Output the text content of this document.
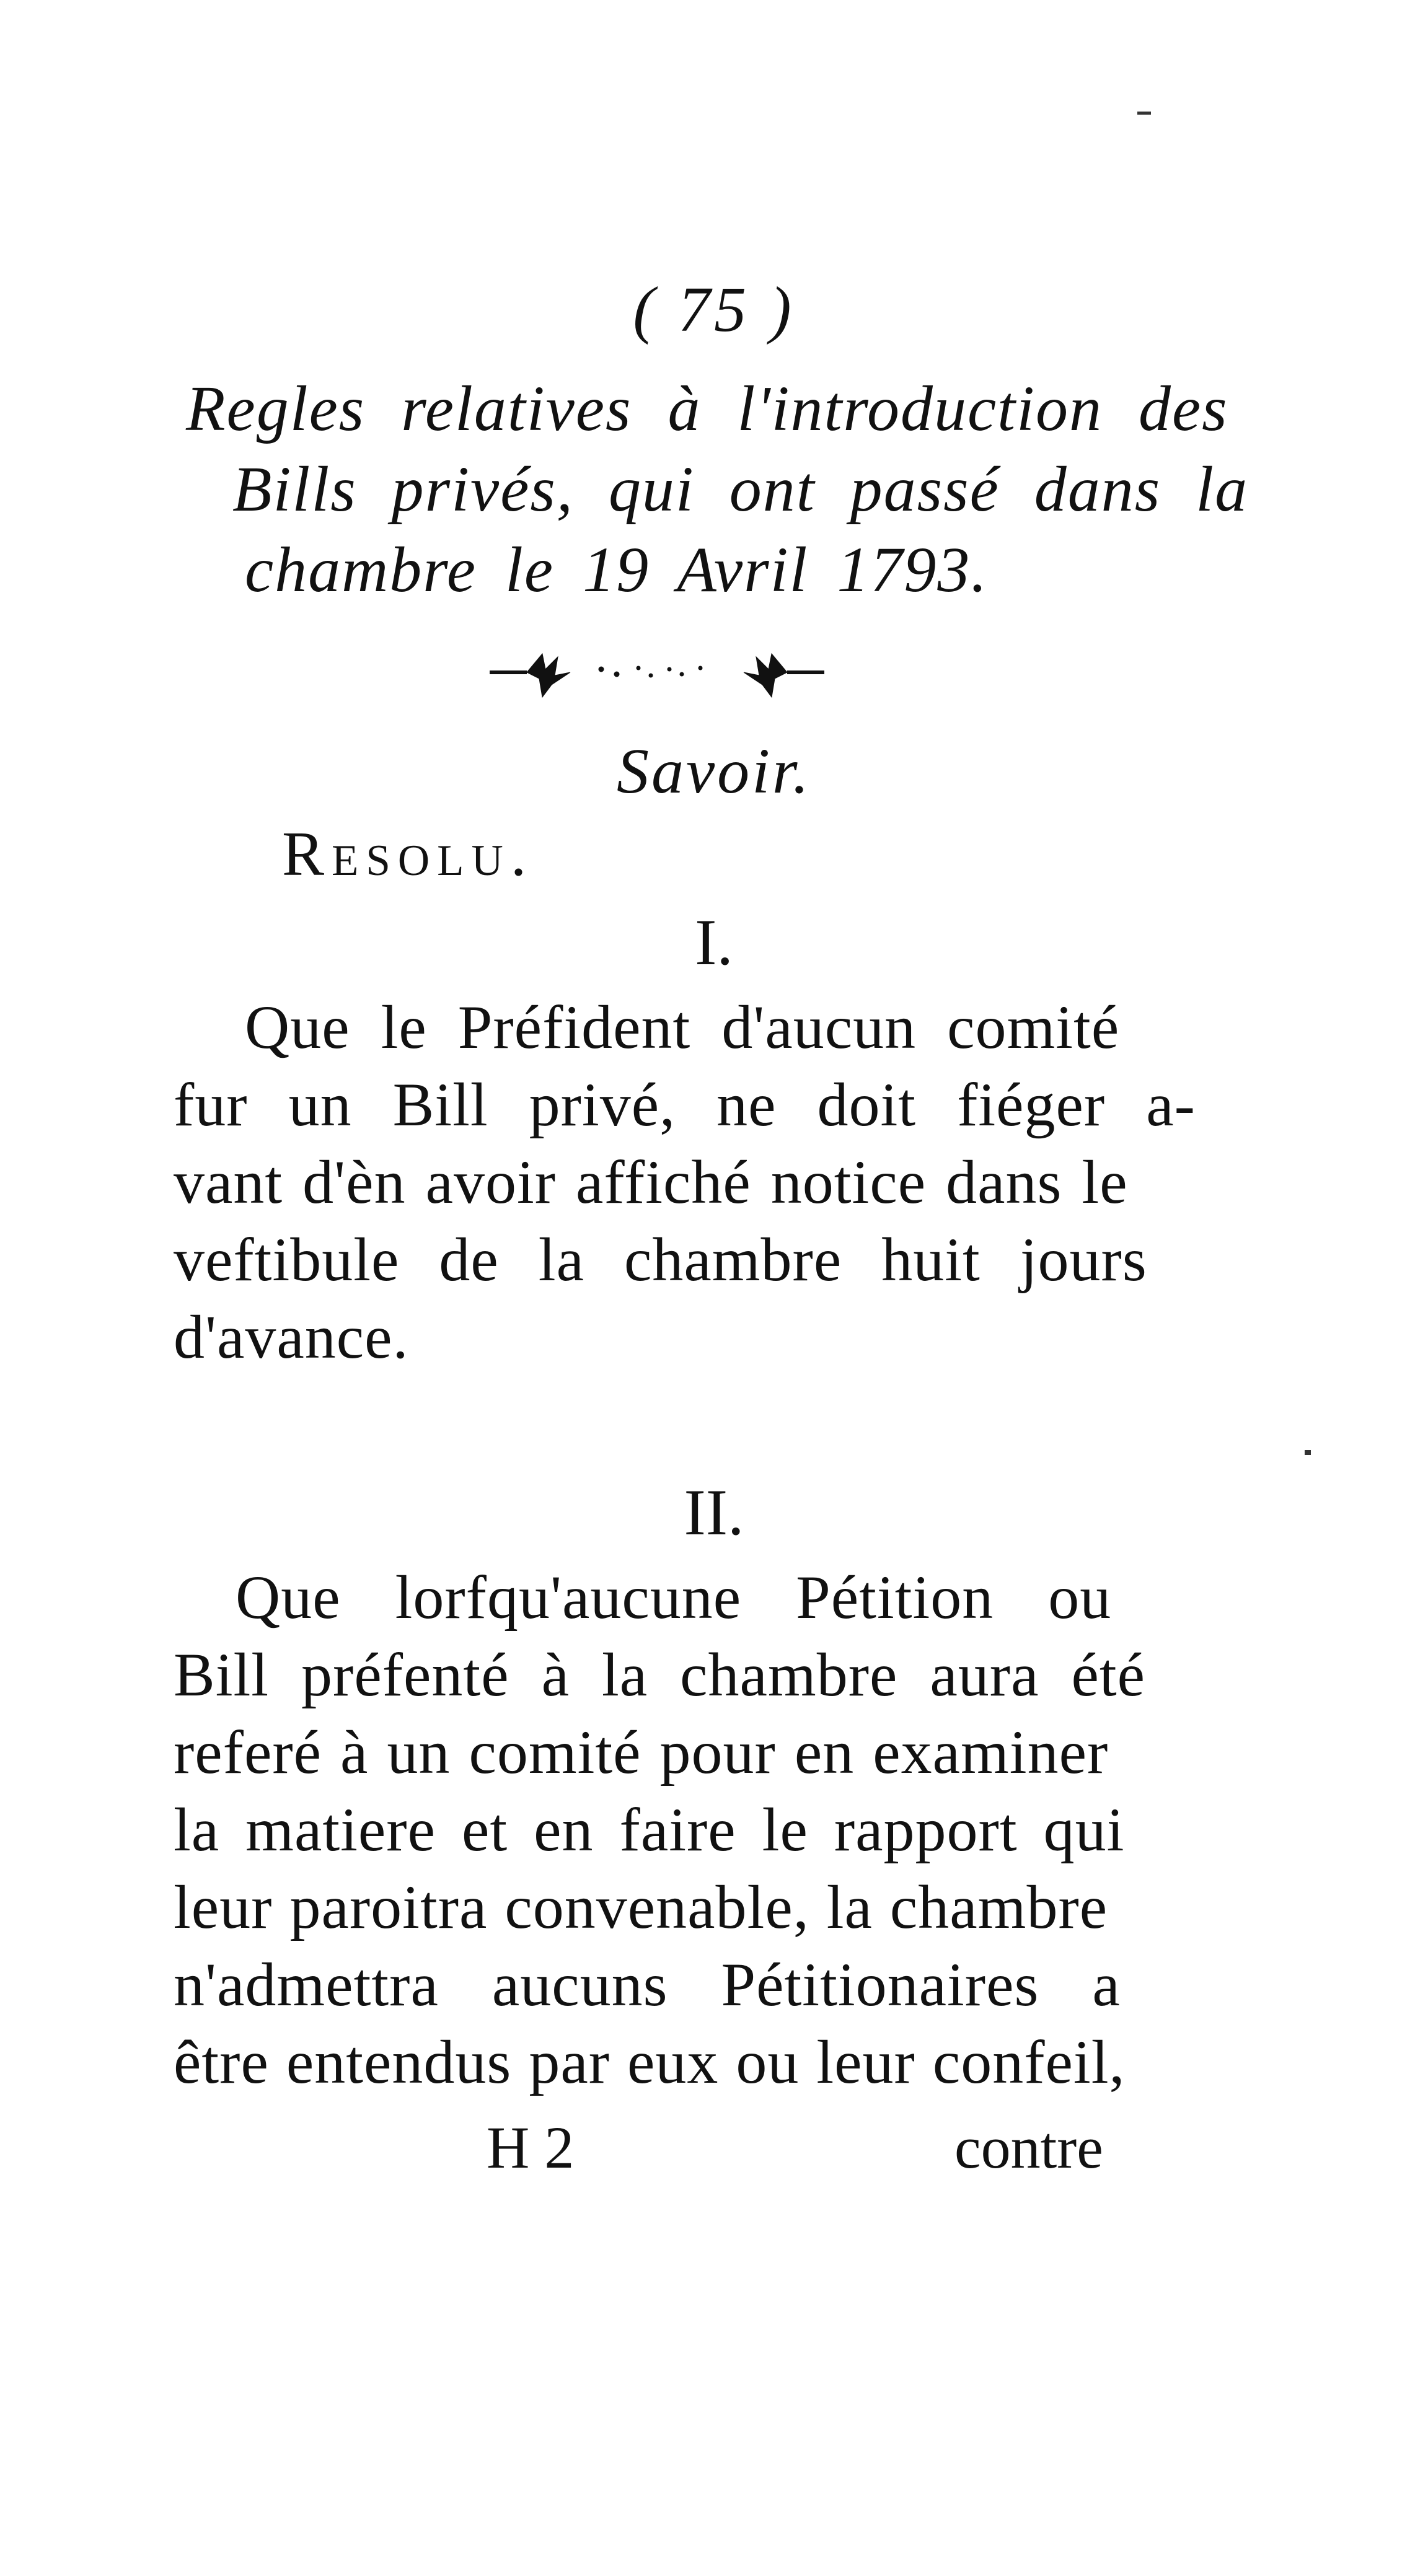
( 75 )
Regles relatives à l'introduction des
Bills privés, qui ont passé dans la
chambre le 19 Avril 1793.
Savoir.
Resolu.
I.
Que le Préfident d'aucun comité
fur un Bill privé, ne doit fiéger a-
vant d'èn avoir affiché notice dans le
veftibule de la chambre huit jours
d'avance.
II.
Que lorfqu'aucune Pétition ou
Bill préfenté à la chambre aura été
referé à un comité pour en examiner
la matiere et en faire le rapport qui
leur paroitra convenable, la chambre
n'admettra aucuns Pétitionaires a
être entendus par eux ou leur confeil,
H 2	contre
